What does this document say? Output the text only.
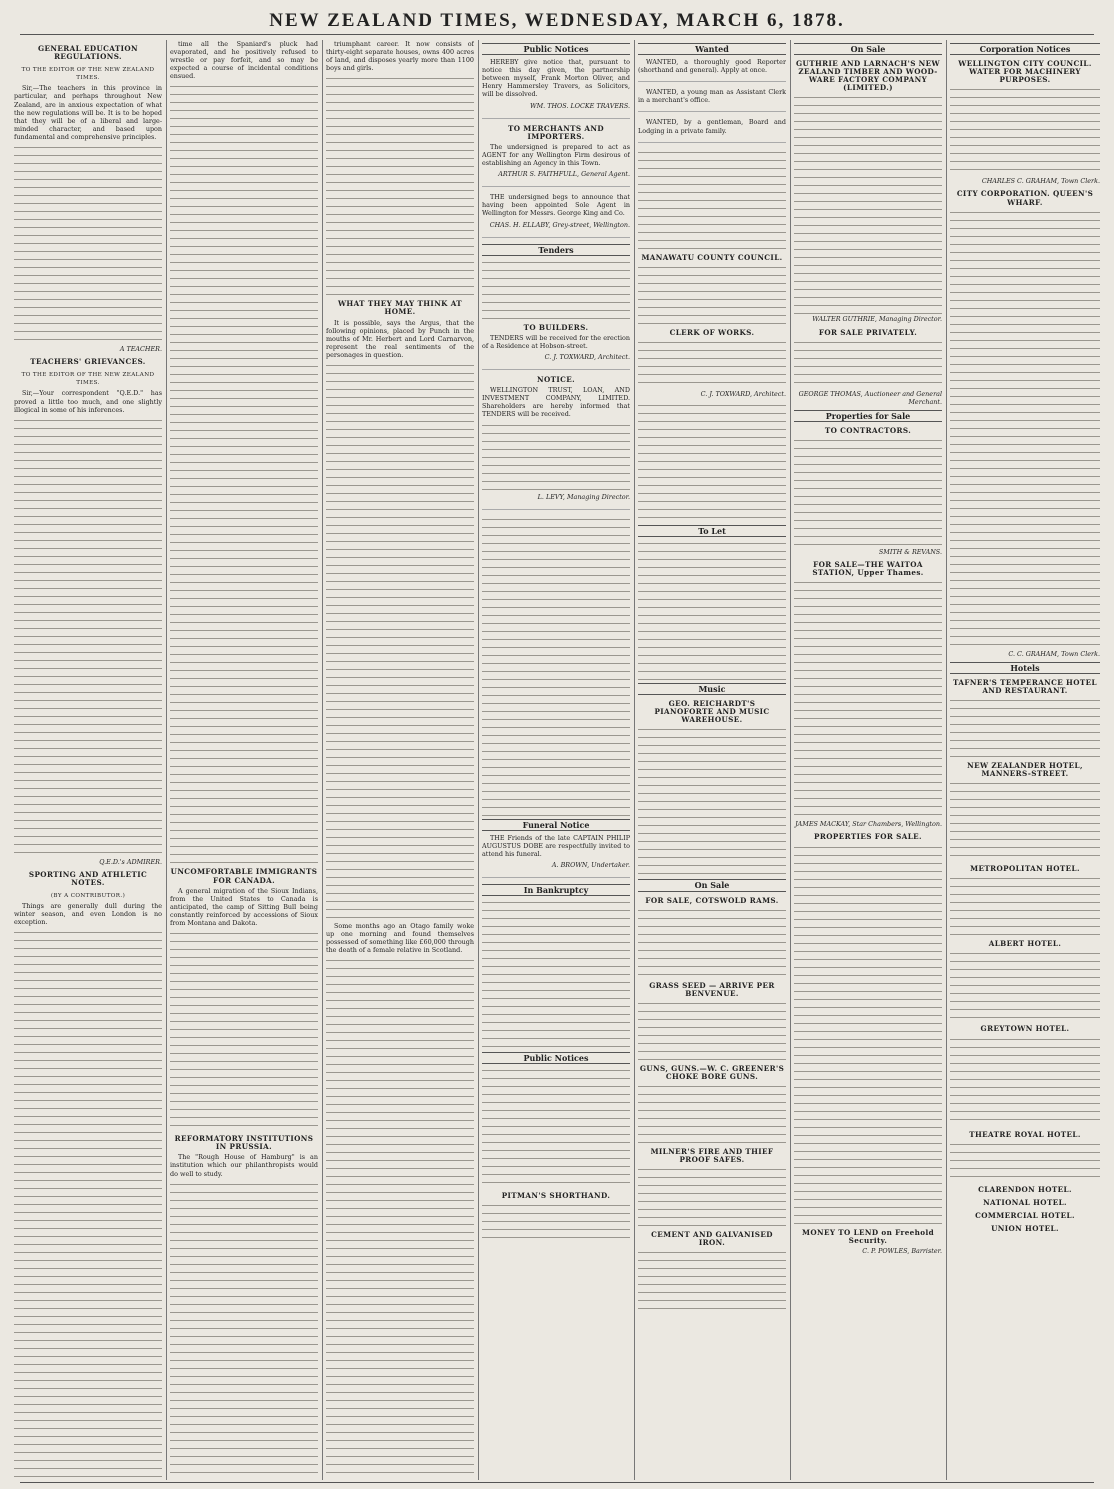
NEW ZEALAND TIMES, WEDNESDAY, MARCH 6, 1878.
GENERAL EDUCATION REGULATIONS.
TO THE EDITOR OF THE NEW ZEALAND TIMES.

Sir,—The teachers in this province in particular, and perhaps throughout New Zealand, are in anxious expectation of what the new regulations will be. It is to be hoped that they will be of a liberal and large-minded character, and based upon fundamental and comprehensive principles.

A TEACHER.
TEACHERS' GRIEVANCES.
TO THE EDITOR OF THE NEW ZEALAND TIMES.

Sir,—Your correspondent "Q.E.D." has proved a little too much, and one slightly illogical in some of his inferences.

Q.E.D.'s ADMIRER.
SPORTING AND ATHLETIC NOTES.
(BY A CONTRIBUTOR.)

Things are generally dull during the winter season, and even London is no exception.

time all the Spaniard's pluck had evaporated, and he positively refused to wrestle or pay forfeit, and so may be expected a course of incidental conditions ensued.

UNCOMFORTABLE IMMIGRANTS FOR CANADA.

A general migration of the Sioux Indians, from the United States to Canada is anticipated, the camp of Sitting Bull being constantly reinforced by accessions of Sioux from Montana and Dakota.

REFORMATORY INSTITUTIONS IN PRUSSIA.

The "Rough House of Hamburg" is an institution which our philanthropists would do well to study.

triumphant career. It now consists of thirty-eight separate houses, owns 400 acres of land, and disposes yearly more than 1100 boys and girls.

WHAT THEY MAY THINK AT HOME.

It is possible, says the Argus, that the following opinions, placed by Punch in the mouths of Mr. Herbert and Lord Carnarvon, represent the real sentiments of the personages in question.

Some months ago an Otago family woke up one morning and found themselves possessed of something like £60,000 through the death of a female relative in Scotland.

Public Notices

HEREBY give notice that, pursuant to notice this day given, the partnership between myself, Frank Morton Oliver, and Henry Hammersley Travers, as Solicitors, will be dissolved.

WM. THOS. LOCKE TRAVERS.
TO MERCHANTS AND IMPORTERS.

The undersigned is prepared to act as AGENT for any Wellington Firm desirous of establishing an Agency in this Town.

ARTHUR S. FAITHFULL, General Agent.

THE undersigned begs to announce that having been appointed Sole Agent in Wellington for Messrs. George King and Co.

CHAS. H. ELLABY, Grey-street, Wellington.
Tenders
TO BUILDERS.

TENDERS will be received for the erection of a Residence at Hobson-street.

C. J. TOXWARD, Architect.
NOTICE.

WELLINGTON TRUST, LOAN, AND INVESTMENT COMPANY, LIMITED. Shareholders are hereby informed that TENDERS will be received.

L. LEVY, Managing Director.
Funeral Notice

THE Friends of the late CAPTAIN PHILIP AUGUSTUS DOBE are respectfully invited to attend his funeral.

A. BROWN, Undertaker.
In Bankruptcy
Public Notices
PITMAN'S SHORTHAND.
Wanted

WANTED, a thoroughly good Reporter (shorthand and general). Apply at once.

WANTED, a young man as Assistant Clerk in a merchant's office.

WANTED, by a gentleman, Board and Lodging in a private family.

MANAWATU COUNTY COUNCIL.
CLERK OF WORKS.
C. J. TOXWARD, Architect.
To Let
Music
GEO. REICHARDT'S PIANOFORTE AND MUSIC WAREHOUSE.
On Sale
FOR SALE, COTSWOLD RAMS.
GRASS SEED — ARRIVE PER BENVENUE.
GUNS, GUNS.—W. C. GREENER'S CHOKE BORE GUNS.
MILNER'S FIRE AND THIEF PROOF SAFES.
CEMENT AND GALVANISED IRON.
On Sale
GUTHRIE AND LARNACH'S NEW ZEALAND TIMBER AND WOOD-WARE FACTORY COMPANY (LIMITED.)
WALTER GUTHRIE, Managing Director.
FOR SALE PRIVATELY.
GEORGE THOMAS, Auctioneer and General Merchant.
Properties for Sale
TO CONTRACTORS.
SMITH & REVANS.
FOR SALE—THE WAITOA STATION, Upper Thames.
JAMES MACKAY, Star Chambers, Wellington.
PROPERTIES FOR SALE.
MONEY TO LEND on Freehold Security.
C. P. POWLES, Barrister.
Corporation Notices
WELLINGTON CITY COUNCIL. WATER FOR MACHINERY PURPOSES.
CHARLES C. GRAHAM, Town Clerk.
CITY CORPORATION. QUEEN'S WHARF.
C. C. GRAHAM, Town Clerk.
Hotels
TAFNER'S TEMPERANCE HOTEL AND RESTAURANT.
NEW ZEALANDER HOTEL, MANNERS-STREET.
METROPOLITAN HOTEL.
ALBERT HOTEL.
GREYTOWN HOTEL.
THEATRE ROYAL HOTEL.
CLARENDON HOTEL.
NATIONAL HOTEL.
COMMERCIAL HOTEL.
UNION HOTEL.
